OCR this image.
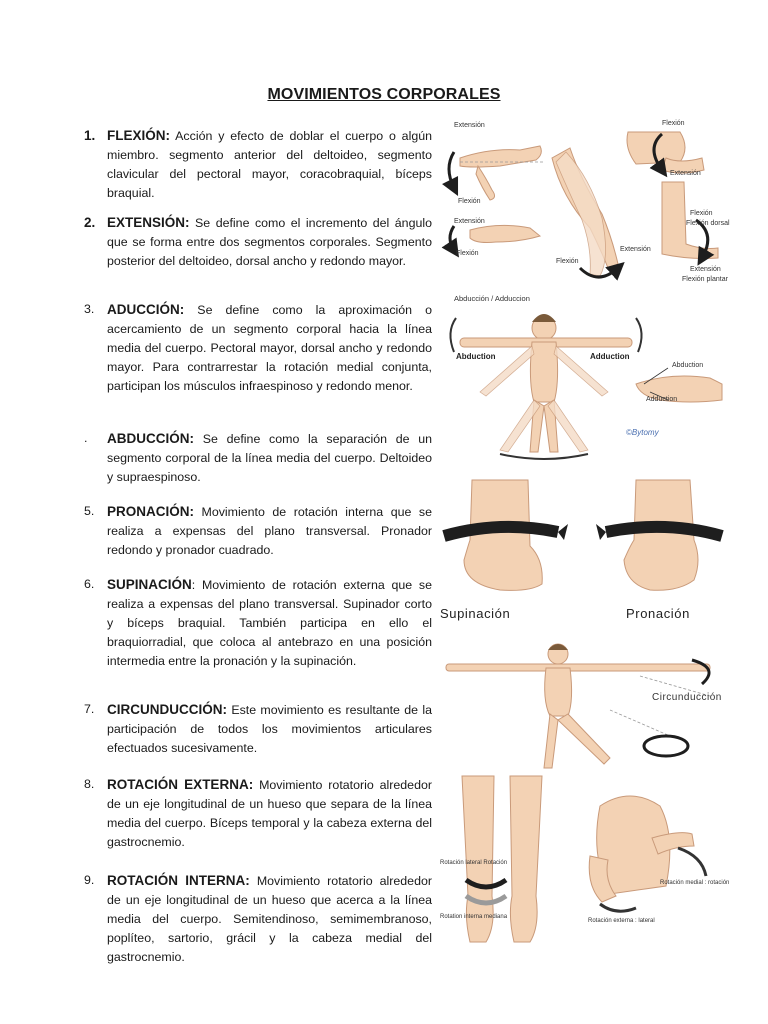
MOVIMIENTOS CORPORALES
1. FLEXIÓN: Acción y efecto de doblar el cuerpo o algún miembro. segmento anterior del deltoideo, segmento clavicular del pectoral mayor, coracobraquial, bíceps braquial.
2. EXTENSIÓN: Se define como el incremento del ángulo que se forma entre dos segmentos corporales. Segmento posterior del deltoideo, dorsal ancho y redondo mayor.
3. ADUCCIÓN: Se define como la aproximación o acercamiento de un segmento corporal hacia la línea media del cuerpo. Pectoral mayor, dorsal ancho y redondo mayor. Para contrarrestar la rotación medial conjunta, participan los músculos infraespinoso y redondo menor.
.	ABDUCCIÓN: Se define como la separación de un segmento corporal de la línea media del cuerpo. Deltoideo y supraespinoso.
5. PRONACIÓN: Movimiento de rotación interna que se realiza a expensas del plano transversal. Pronador redondo y pronador cuadrado.
6. SUPINACIÓN: Movimiento de rotación externa que se realiza a expensas del plano transversal. Supinador corto y bíceps braquial. También participa en ello el braquiorradial, que coloca al antebrazo en una posición intermedia entre la pronación y la supinación.
7. CIRCUNDUCCIÓN: Este movimiento es resultante de la participación de todos los movimientos articulares efectuados sucesivamente.
8. ROTACIÓN EXTERNA: Movimiento rotatorio alrededor de un eje longitudinal de un hueso que separa de la línea media del cuerpo. Bíceps temporal y la cabeza externa del gastrocnemio.
9. ROTACIÓN INTERNA: Movimiento rotatorio alrededor de un eje longitudinal de un hueso que acerca a la línea media del cuerpo. Semitendinoso, semimembranoso, poplíteo, sartorio, grácil y la cabeza medial del gastrocnemio.
Extensión
Flexión
Extensión
Flexión
Flexión
Extensión
Flexión
Extensión
Flexión
Flexión dorsal
Extensión
Flexión plantar
Abducción / Adduccion
Abduction	Adduction
Abduction
Adduction
©Bytomy
Supinación	Pronación
Circunducción
Rotación lateral Rotación
Rotation interna mediana
Rotación medial : rotación
Rotación externa : lateral
